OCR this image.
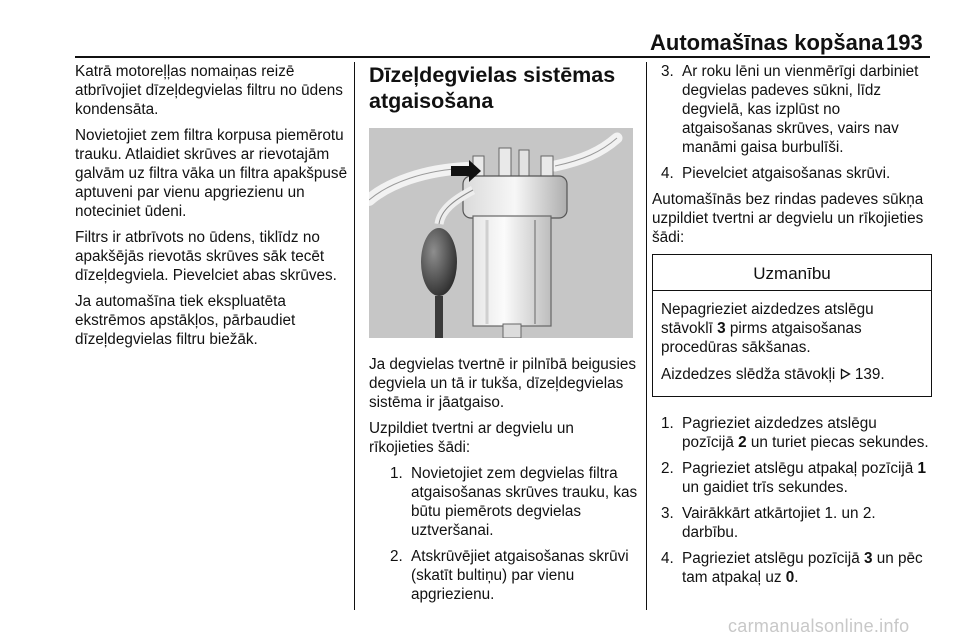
Automašīnas kopšana 193

Katrā motoreļļas nomaiņas reizē atbrīvojiet dīzeļdegvielas filtru no ūdens kondensāta.

Novietojiet zem filtra korpusa piemērotu trauku. Atlaidiet skrūves ar rievotajām galvām uz filtra vāka un filtra apakšpusē aptuveni par vienu apgriezienu un noteciniet ūdeni.

Filtrs ir atbrīvots no ūdens, tiklīdz no apakšējās rievotās skrūves sāk tecēt dīzeļdegviela. Pievelciet abas skrūves.

Ja automašīna tiek ekspluatēta ekstrēmos apstākļos, pārbaudiet dīzeļdegvielas filtru biežāk.

Dīzeļdegvielas sistēmas atgaisošana

Ja degvielas tvertnē ir pilnībā beigusies degviela un tā ir tukša, dīzeļdegvielas sistēma ir jāatgaiso.

Uzpildiet tvertni ar degvielu un rīkojieties šādi:

1. Novietojiet zem degvielas filtra atgaisošanas skrūves trauku, kas būtu piemērots degvielas uztveršanai.
2. Atskrūvējiet atgaisošanas skrūvi (skatīt bultiņu) par vienu apgriezienu.
3. Ar roku lēni un vienmērīgi darbiniet degvielas padeves sūkni, līdz degvielā, kas izplūst no atgaisošanas skrūves, vairs nav manāmi gaisa burbulīši.
4. Pievelciet atgaisošanas skrūvi.

Automašīnās bez rindas padeves sūkņa uzpildiet tvertni ar degvielu un rīkojieties šādi:

Uzmanību

Nepagrieziet aizdedzes atslēgu stāvoklī 3 pirms atgaisošanas procedūras sākšanas.

Aizdedzes slēdža stāvokļi  139.

1. Pagrieziet aizdedzes atslēgu pozīcijā 2 un turiet piecas sekundes.
2. Pagrieziet atslēgu atpakaļ pozīcijā 1 un gaidiet trīs sekundes.
3. Vairākkārt atkārtojiet 1. un 2. darbību.
4. Pagrieziet atslēgu pozīcijā 3 un pēc tam atpakaļ uz 0.
carmanualsonline.info
